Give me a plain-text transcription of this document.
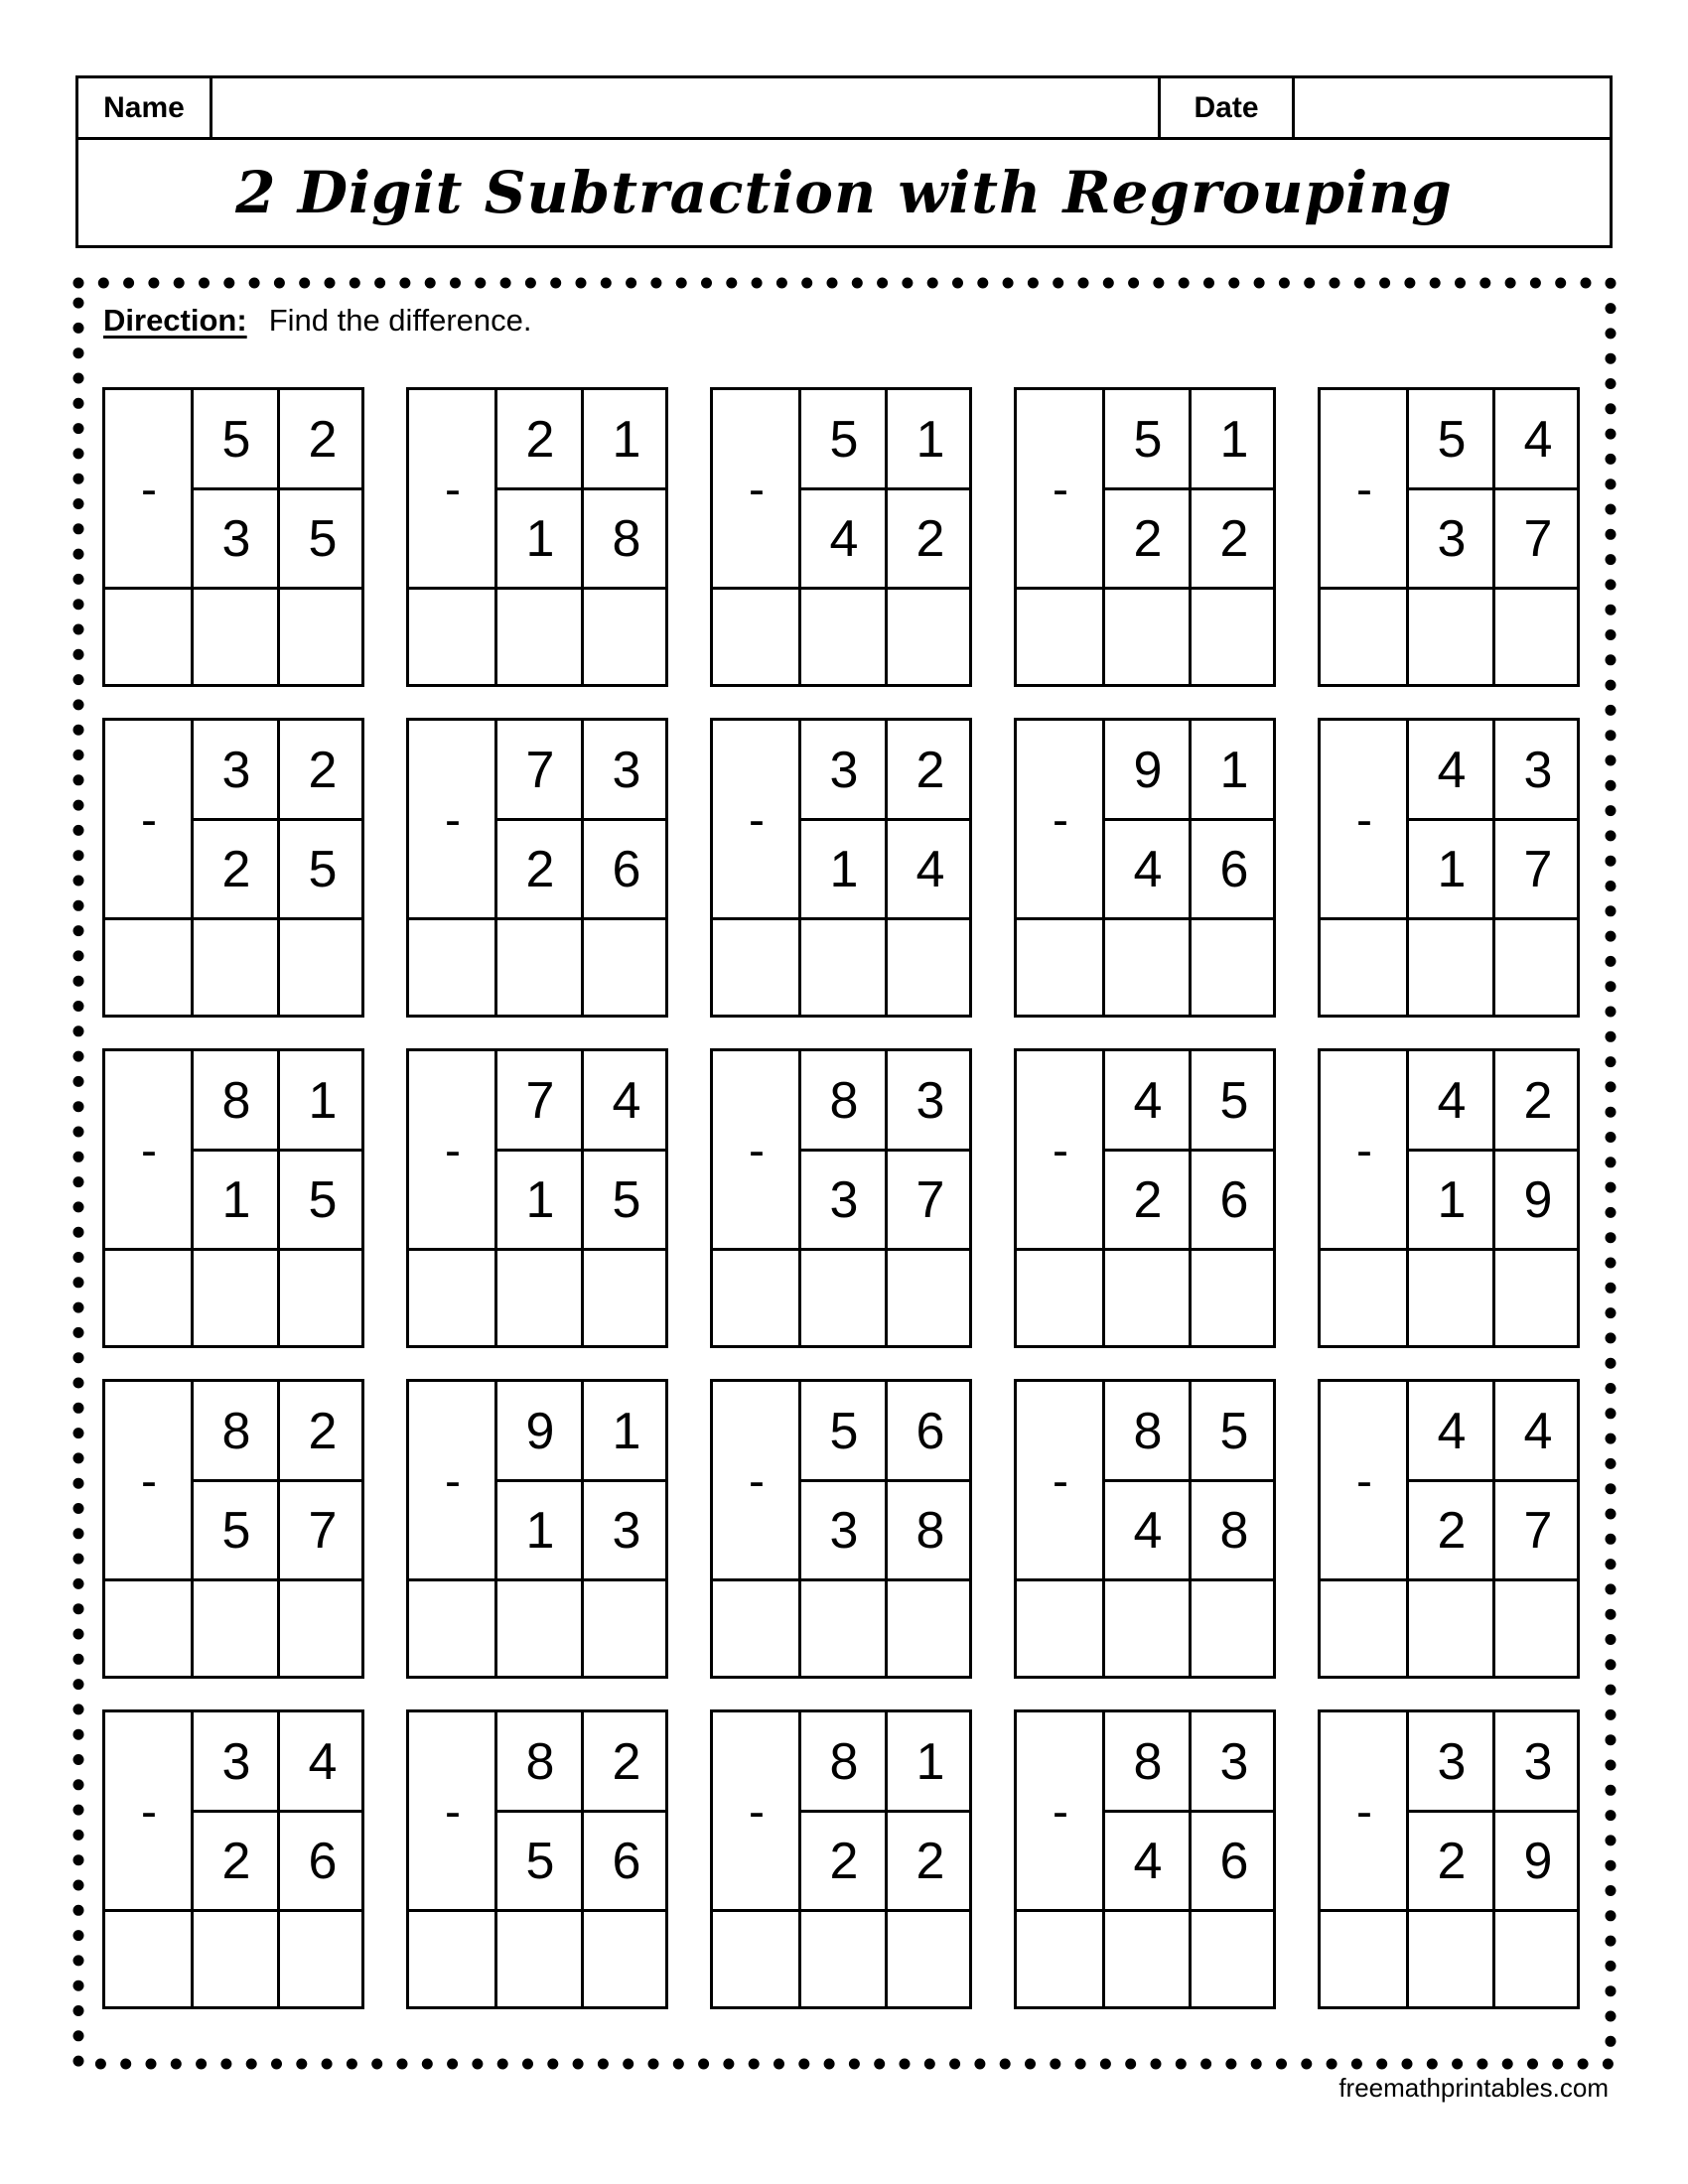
Name	Date
2 Digit Subtraction with Regrouping
Direction: Find the difference.
-
5	2
3	5
-
2	1
1	8
-
5	1
4	2
-
5	1
2	2
-
5	4
3	7
-
3	2
2	5
-
7	3
2	6
-
3	2
1	4
-
9	1
4	6
-
4	3
1	7
-
8	1
1	5
-
7	4
1	5
-
8	3
3	7
-
4	5
2	6
-
4	2
1	9
-
8	2
5	7
-
9	1
1	3
-
5	6
3	8
-
8	5
4	8
-
4	4
2	7
-
3	4
2	6
-
8	2
5	6
-
8	1
2	2
-
8	3
4	6
-
3	3
2	9
freemathprintables.com
